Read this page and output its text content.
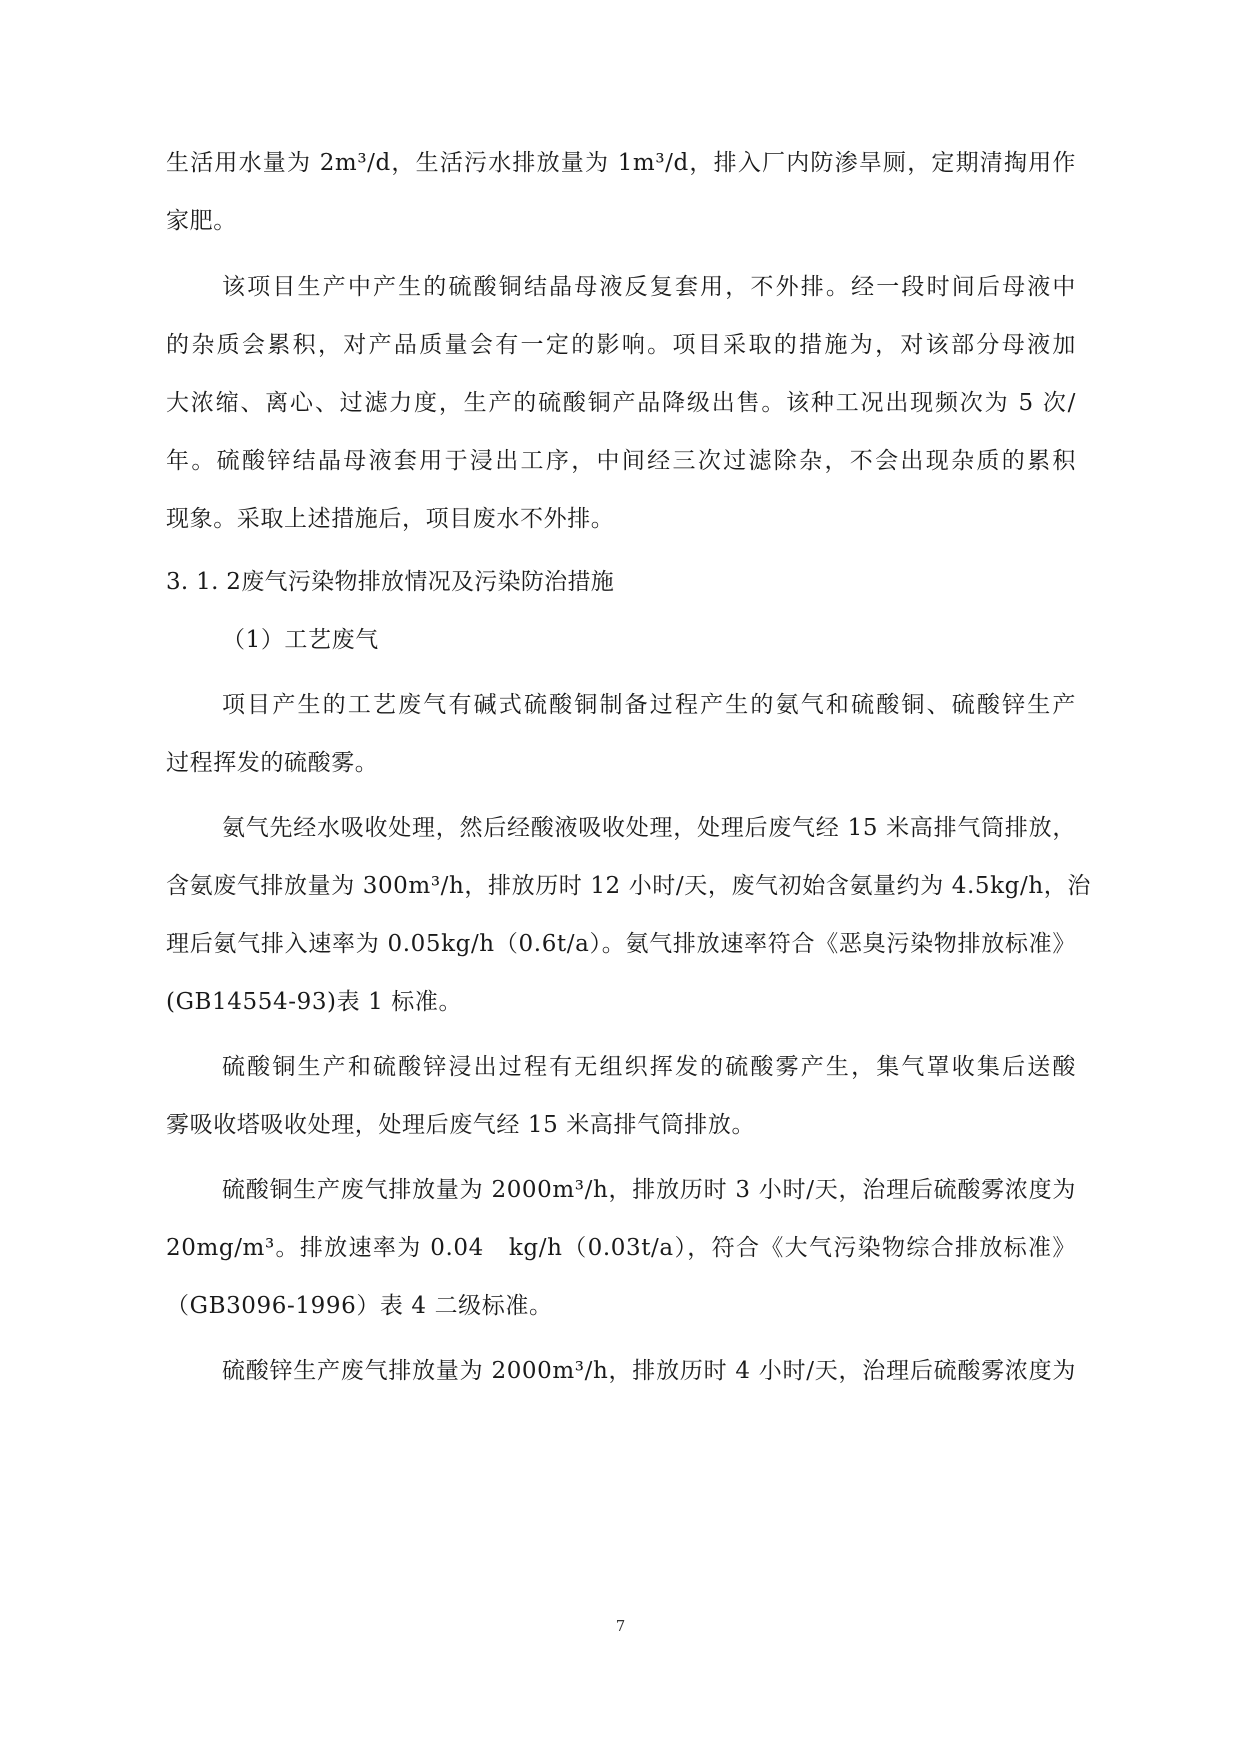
生活用水量为 2m³/d，生活污水排放量为 1m³/d，排入厂内防渗旱厕，定期清掏用作
家肥。
该项目生产中产生的硫酸铜结晶母液反复套用，不外排。经一段时间后母液中
的杂质会累积，对产品质量会有一定的影响。项目采取的措施为，对该部分母液加
大浓缩、离心、过滤力度，生产的硫酸铜产品降级出售。该种工况出现频次为 5 次/
年。硫酸锌结晶母液套用于浸出工序，中间经三次过滤除杂，不会出现杂质的累积
现象。采取上述措施后，项目废水不外排。
3. 1. 2废气污染物排放情况及污染防治措施
（1）工艺废气
项目产生的工艺废气有碱式硫酸铜制备过程产生的氨气和硫酸铜、硫酸锌生产
过程挥发的硫酸雾。
氨气先经水吸收处理，然后经酸液吸收处理，处理后废气经 15 米高排气筒排放，
含氨废气排放量为 300m³/h，排放历时 12 小时/天，废气初始含氨量约为 4.5kg/h，治
理后氨气排入速率为 0.05kg/h（0.6t/a）。氨气排放速率符合《恶臭污染物排放标准》
(GB14554-93)表 1 标准。
硫酸铜生产和硫酸锌浸出过程有无组织挥发的硫酸雾产生，集气罩收集后送酸
雾吸收塔吸收处理，处理后废气经 15 米高排气筒排放。
硫酸铜生产废气排放量为 2000m³/h，排放历时 3 小时/天，治理后硫酸雾浓度为
20mg/m³。排放速率为 0.04　kg/h（0.03t/a），符合《大气污染物综合排放标准》
（GB3096-1996）表 4 二级标准。
硫酸锌生产废气排放量为 2000m³/h，排放历时 4 小时/天，治理后硫酸雾浓度为
7
